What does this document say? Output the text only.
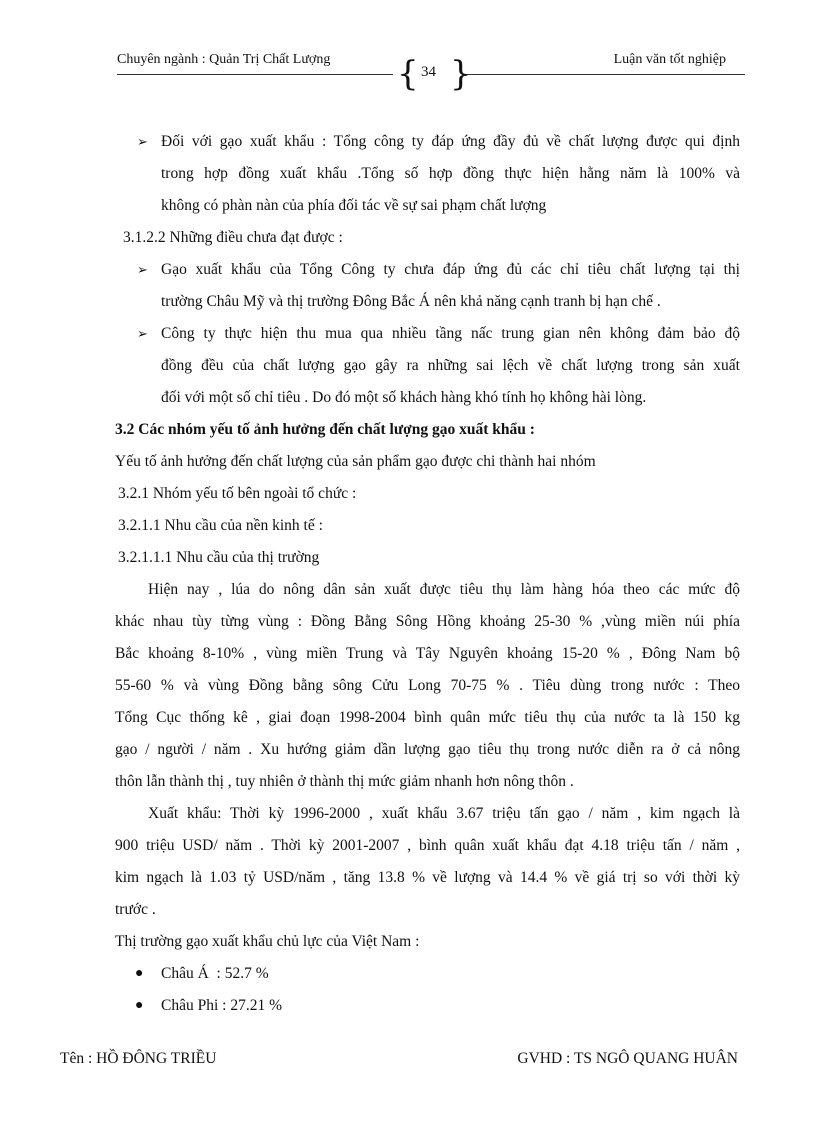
Chuyên ngành : Quản Trị Chất Lượng	Luận văn tốt nghiệp
{ 34 }
➢ Đối với gạo xuất khẩu : Tổng công ty đáp ứng đầy đủ về chất lượng được qui định
trong hợp đồng xuất khẩu .Tổng số hợp đồng thực hiện hằng năm là 100% và
không có phàn nàn của phía đối tác về sự sai phạm chất lượng
3.1.2.2 Những điều chưa đạt được :
➢ Gạo xuất khẩu của Tổng Công ty chưa đáp ứng đủ các chỉ tiêu chất lượng tại thị
trường Châu Mỹ và thị trường Đông Bắc Á nên khả năng cạnh tranh bị hạn chế .
➢ Công ty thực hiện thu mua qua nhiều tầng nấc trung gian nên không đảm bảo độ
đồng đều của chất lượng gạo gây ra những sai lệch về chất lượng trong sản xuất
đối với một số chỉ tiêu . Do đó một số khách hàng khó tính họ không hài lòng.
3.2 Các nhóm yếu tố ảnh hưởng đến chất lượng gạo xuất khẩu :
Yếu tố ảnh hưởng đến chất lượng của sản phẩm gạo được chi thành hai nhóm
3.2.1 Nhóm yếu tố bên ngoài tổ chức :
3.2.1.1 Nhu cầu của nền kinh tế :
3.2.1.1.1 Nhu cầu của thị trường
Hiện nay , lúa do nông dân sản xuất được tiêu thụ làm hàng hóa theo các mức độ
khác nhau tùy từng vùng : Đồng Bằng Sông Hồng khoảng 25-30 % ,vùng miền núi phía
Bắc khoảng 8-10% , vùng miền Trung và Tây Nguyên khoảng 15-20 % , Đông Nam bộ
55-60 % và vùng Đồng bằng sông Cửu Long 70-75 % . Tiêu dùng trong nước : Theo
Tổng Cục thống kê , giai đoạn 1998-2004 bình quân mức tiêu thụ của nước ta là 150 kg
gạo / người / năm . Xu hướng giảm dần lượng gạo tiêu thụ trong nước diễn ra ở cả nông
thôn lẫn thành thị , tuy nhiên ở thành thị mức giảm nhanh hơn nông thôn .
Xuất khẩu: Thời kỳ 1996-2000 , xuất khẩu 3.67 triệu tấn gạo / năm , kim ngạch là
900 triệu USD/ năm . Thời kỳ 2001-2007 , bình quân xuất khẩu đạt 4.18 triệu tấn / năm ,
kim ngạch là 1.03 tỷ USD/năm , tăng 13.8 % về lượng và 14.4 % về giá trị so với thời kỳ
trước .
Thị trường gạo xuất khẩu chủ lực của Việt Nam :
● Châu Á  : 52.7 %
● Châu Phi : 27.21 %
Tên : HỒ ĐÔNG TRIỀU	GVHD : TS NGÔ QUANG HUÂN
